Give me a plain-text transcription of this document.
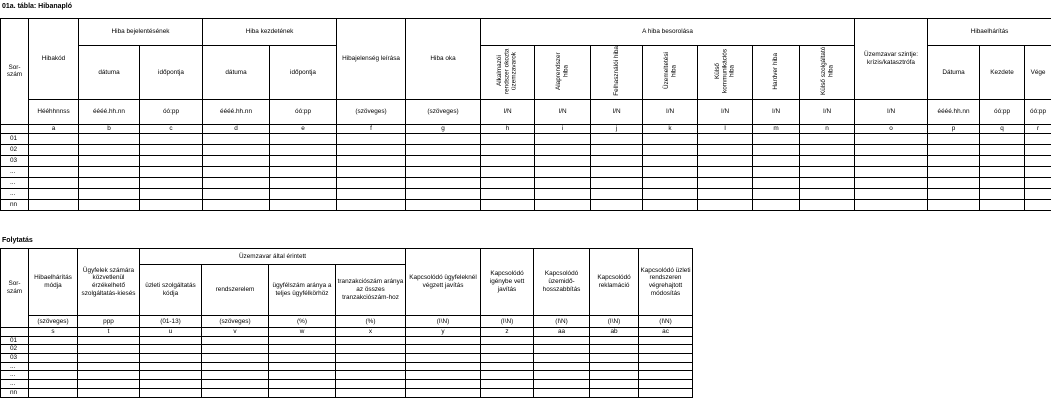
01a. tábla: Hibanapló
Sor-szám	Hibakód	Hiba bejelentésének		Hiba kezdetének		Hibajelenség leírása	Hiba oka	A hiba besorolása							Üzemzavar szintje: krízis/katasztrófa	Hibaelhárítás		
		dátuma	időpontja	dátuma	időpontja			Alkalmazói rendszer okozta üzemzavarok	Alaprendszer hiba	Felhasználói hiba	Üzemeltetési hiba	Külső kommunikációs hiba	Hardver hiba	Külső szolgáltató hiba		Dátuma	Kezdete	Vége
	Hééhhnnss	éééé.hh.nn	óó:pp	éééé.hh.nn	óó:pp	(szöveges)	(szöveges)	I/N	I/N	I/N	I/N	I/N	I/N	I/N	I/N	éééé.hh.nn	óó:pp	óó:pp
	a	b	c	d	e	f	g	h	i	j	k	l	m	n	o	p	q	r
01																		
02																		
03																		
...																		
...																		
...																		
nn																		
Folytatás
Sor-szám	Hibaelhárítás módja	Ügyfelek számára közvetlenül érzékelhető szolgáltatás-kiesés	Üzemzavar által érintett				Kapcsolódó ügyfeleknél végzett javítás	Kapcsolódó igénybe vett javítás	Kapcsolódó üzemidő-hosszabbítás	Kapcsolódó reklamáció	Kapcsolódó üzleti rendszeren végrehajtott módosítás
			üzleti szolgáltatás kódja	rendszerelem	ügyfélszám aránya a teljes ügyfélkörhöz	tranzakciószám aránya az összes tranzakciószám-hoz					
	(szöveges)	ppp	(01-13)	(szöveges)	(%)	(%)	(I\N)	(I\N)	(I\N)	(I\N)	(I\N)
	s	t	u	v	w	x	y	z	aa	ab	ac
01											
02											
03											
...											
...											
...											
nn											
